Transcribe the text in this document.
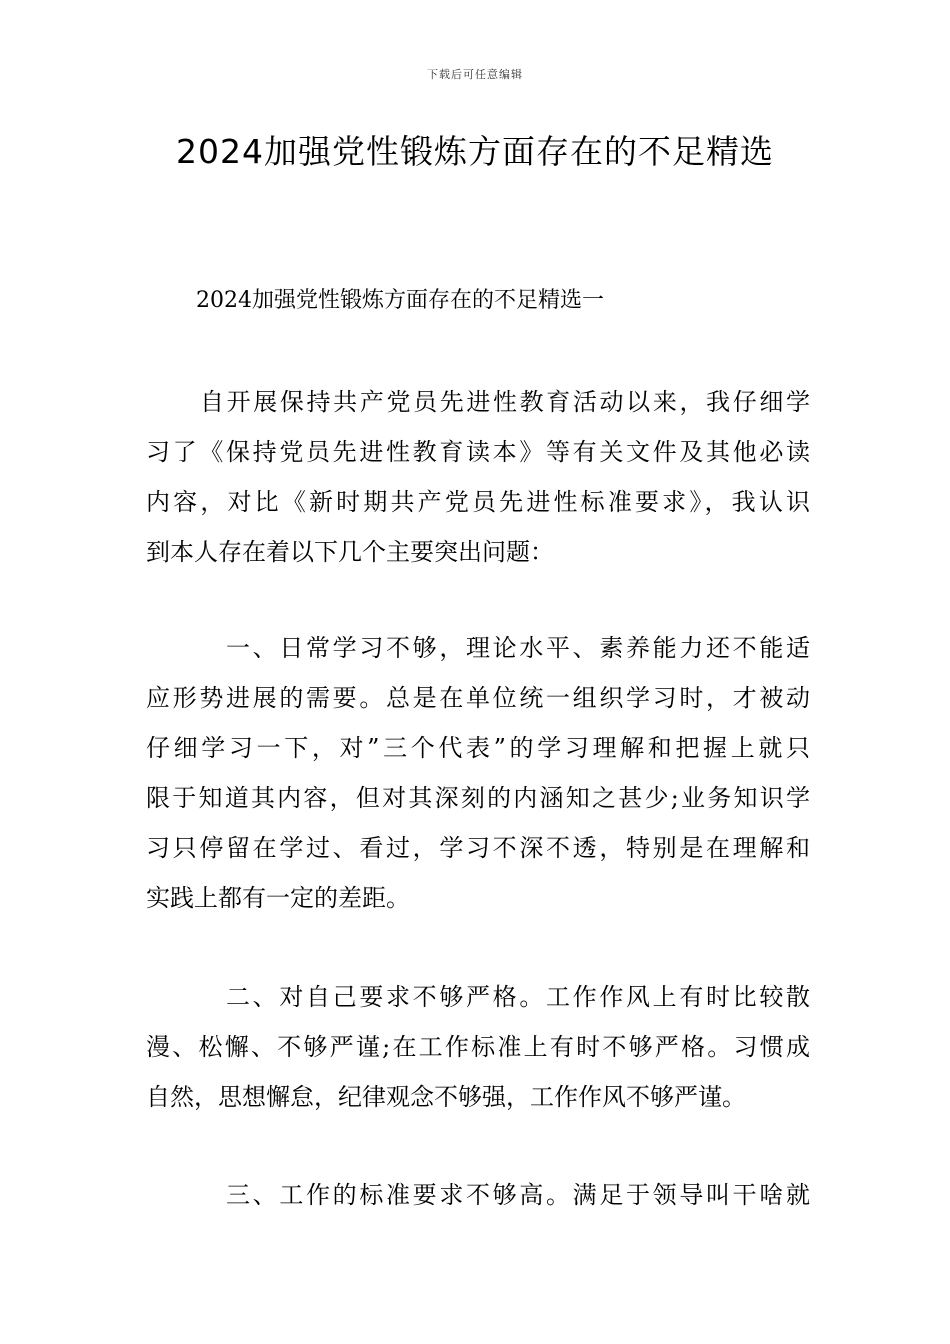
下载后可任意编辑
2024加强党性锻炼方面存在的不足精选

2024加强党性锻炼方面存在的不足精选一

自开展保持共产党员先进性教育活动以来，我仔细学
习了《保持党员先进性教育读本》等有关文件及其他必读
内容，对比《新时期共产党员先进性标准要求》，我认识
到本人存在着以下几个主要突出问题：
一、日常学习不够，理论水平、素养能力还不能适
应形势进展的需要。总是在单位统一组织学习时，才被动
仔细学习一下，对”三个代表”的学习理解和把握上就只
限于知道其内容，但对其深刻的内涵知之甚少;业务知识学
习只停留在学过、看过，学习不深不透，特别是在理解和
实践上都有一定的差距。
二、对自己要求不够严格。工作作风上有时比较散
漫、松懈、不够严谨;在工作标准上有时不够严格。习惯成
自然，思想懈怠，纪律观念不够强，工作作风不够严谨。
三、工作的标准要求不够高。满足于领导叫干啥就
